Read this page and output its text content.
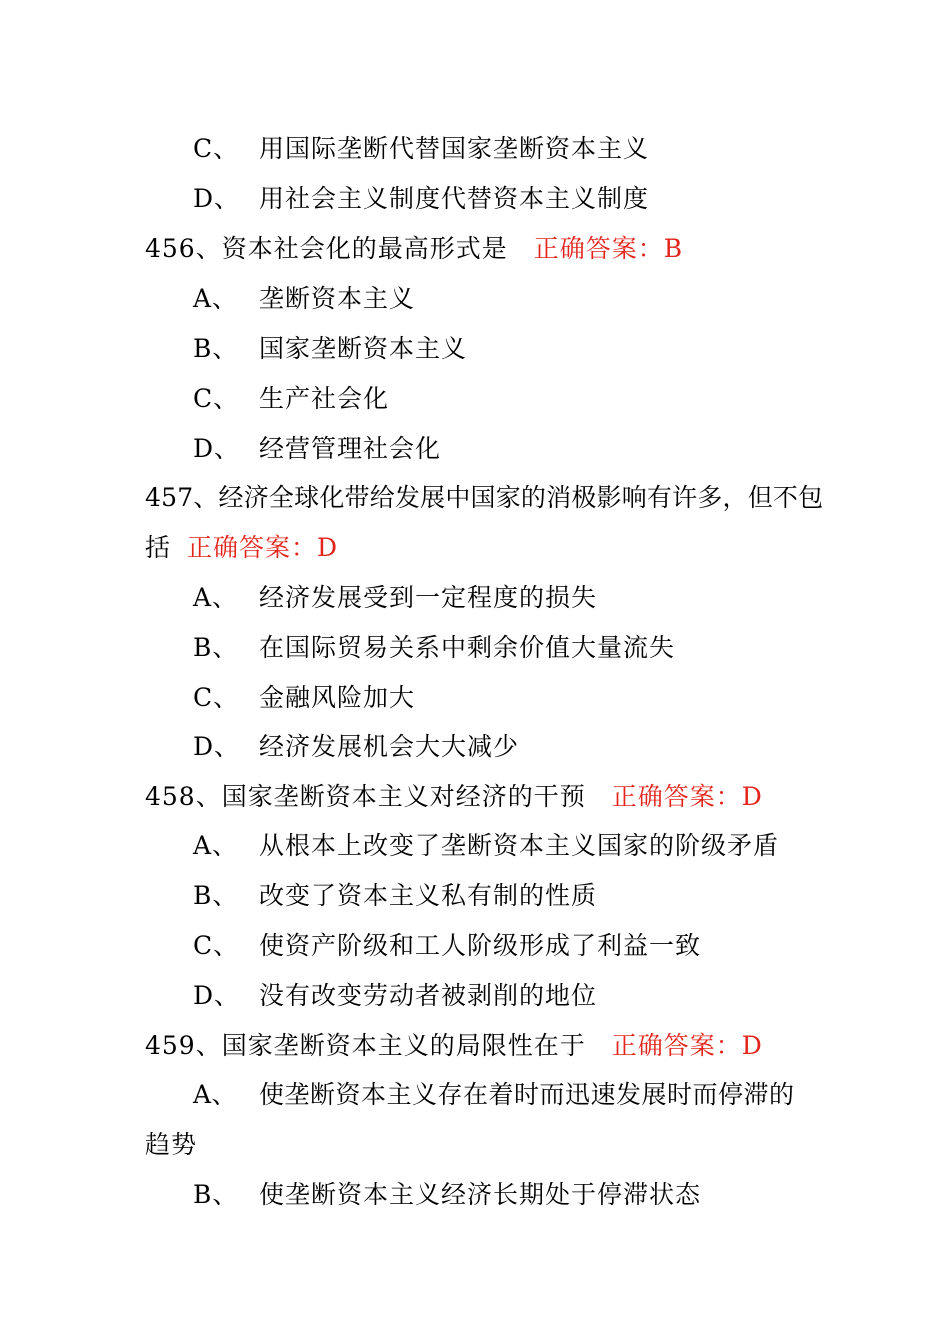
C、 用国际垄断代替国家垄断资本主义
D、 用社会主义制度代替资本主义制度
456、资本社会化的最高形式是 正确答案：B
A、 垄断资本主义
B、 国家垄断资本主义
C、 生产社会化
D、 经营管理社会化
457、经济全球化带给发展中国家的消极影响有许多，但不包
括 正确答案：D
A、 经济发展受到一定程度的损失
B、 在国际贸易关系中剩余价值大量流失
C、 金融风险加大
D、 经济发展机会大大减少
458、国家垄断资本主义对经济的干预 正确答案：D
A、 从根本上改变了垄断资本主义国家的阶级矛盾
B、 改变了资本主义私有制的性质
C、 使资产阶级和工人阶级形成了利益一致
D、 没有改变劳动者被剥削的地位
459、国家垄断资本主义的局限性在于 正确答案：D
A、 使垄断资本主义存在着时而迅速发展时而停滞的
趋势
B、 使垄断资本主义经济长期处于停滞状态
